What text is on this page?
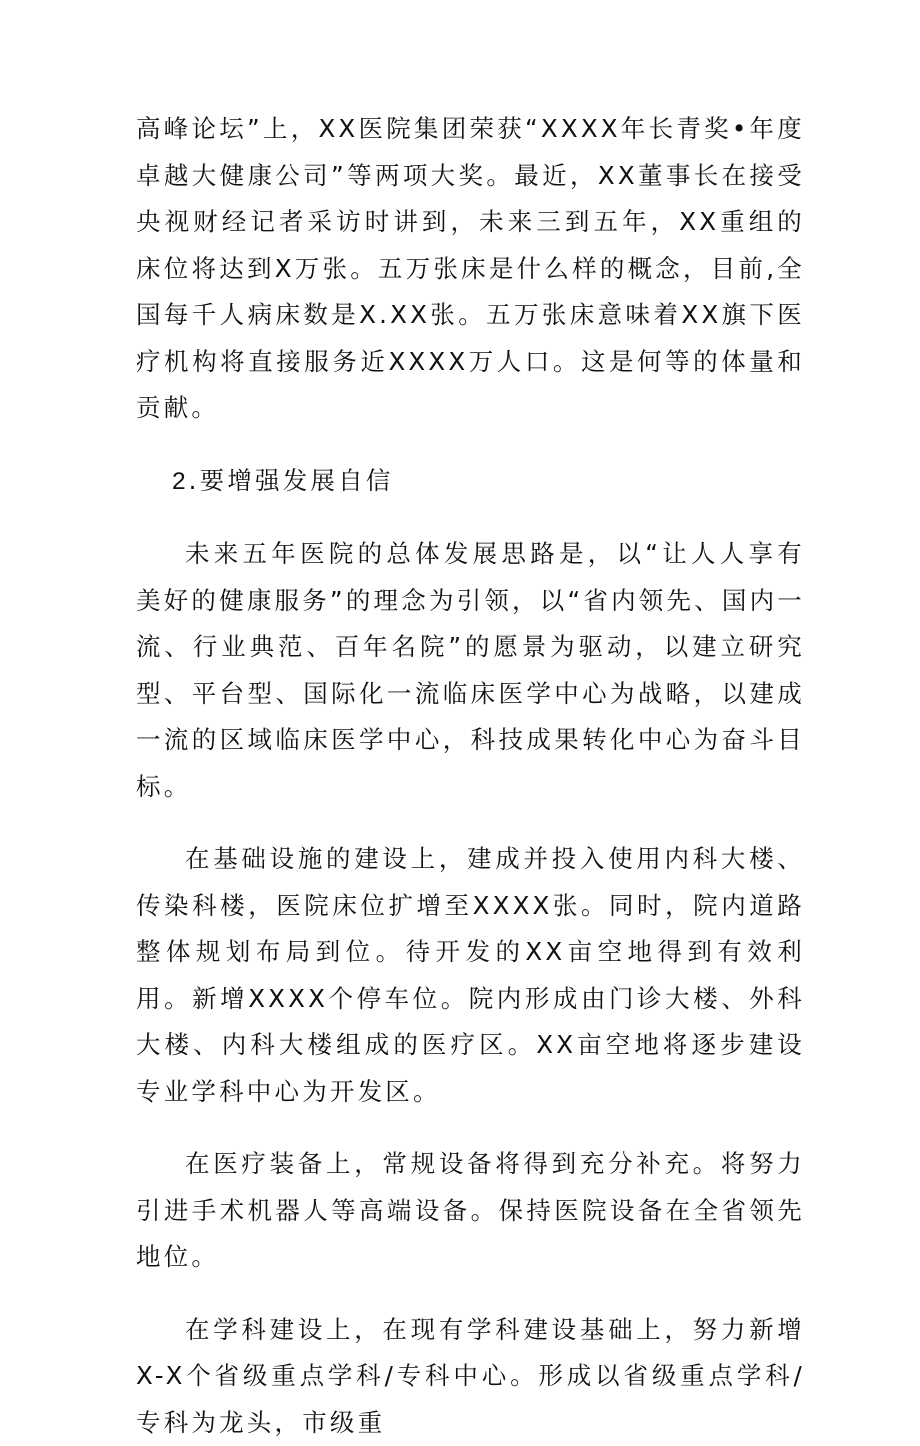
高峰论坛”上，XX医院集团荣获“XXXX年长青奖•年度卓越大健康公司”等两项大奖。最近，XX董事长在接受央视财经记者采访时讲到，未来三到五年，XX重组的床位将达到X万张。五万张床是什么样的概念，目前,全国每千人病床数是X.XX张。五万张床意味着XX旗下医疗机构将直接服务近XXXX万人口。这是何等的体量和贡献。

2.要增强发展自信

未来五年医院的总体发展思路是，以“让人人享有美好的健康服务”的理念为引领，以“省内领先、国内一流、行业典范、百年名院”的愿景为驱动，以建立研究型、平台型、国际化一流临床医学中心为战略，以建成一流的区域临床医学中心，科技成果转化中心为奋斗目标。

在基础设施的建设上，建成并投入使用内科大楼、传染科楼，医院床位扩增至XXXX张。同时，院内道路整体规划布局到位。待开发的XX亩空地得到有效利用。新增XXXX个停车位。院内形成由门诊大楼、外科大楼、内科大楼组成的医疗区。XX亩空地将逐步建设专业学科中心为开发区。

在医疗装备上，常规设备将得到充分补充。将努力引进手术机器人等高端设备。保持医院设备在全省领先地位。

在学科建设上，在现有学科建设基础上，努力新增X-X个省级重点学科/专科中心。形成以省级重点学科/专科为龙头，市级重
